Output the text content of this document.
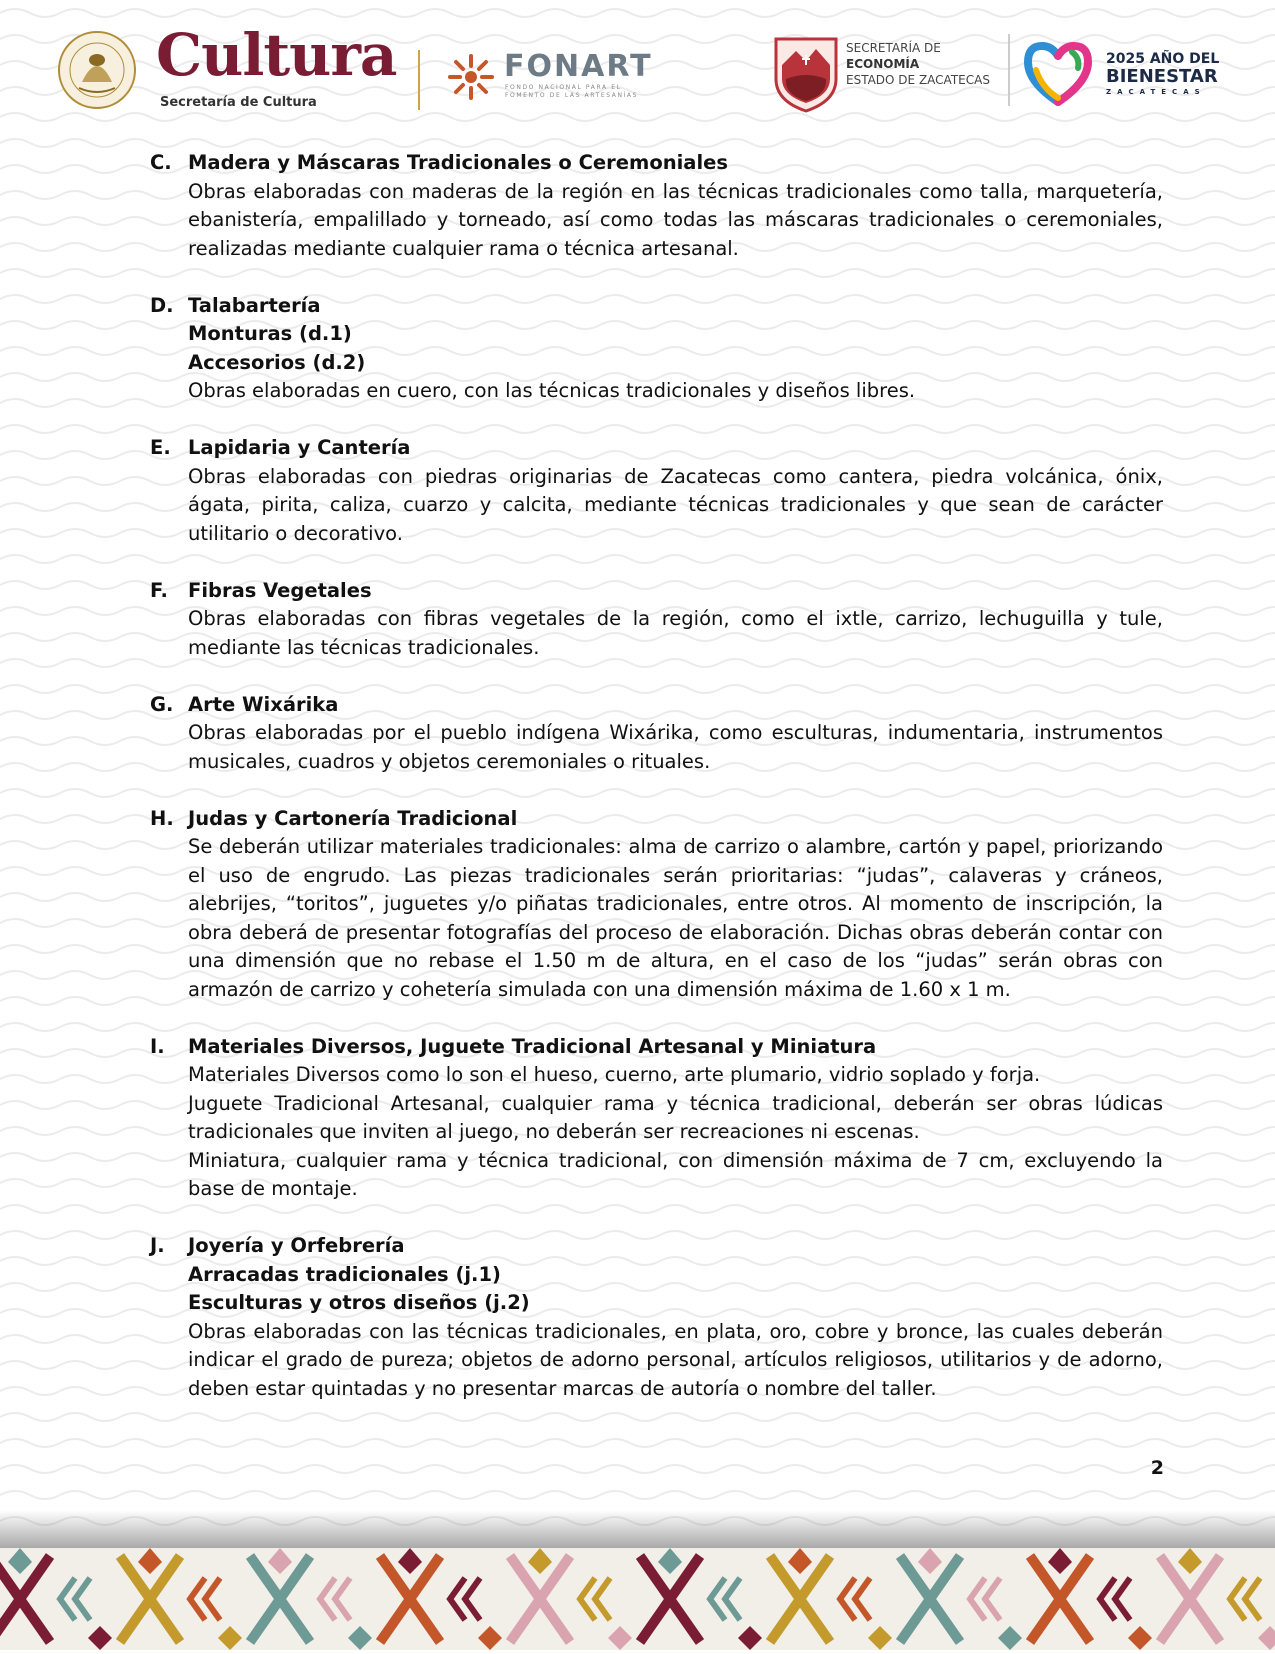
Cultura
Secretaría de Cultura
FONART
FONDO NACIONAL PARA EL FOMENTO DE LAS ARTESANÍAS
SECRETARÍA DE
ECONOMÍA
ESTADO DE ZACATECAS
2025 AÑO DEL
BIENESTAR
ZACATECAS
C. Madera y Máscaras Tradicionales o Ceremoniales
Obras elaboradas con maderas de la región en las técnicas tradicionales como talla, marquetería, ebanistería, empalillado y torneado, así como todas las máscaras tradicionales o ceremoniales, realizadas mediante cualquier rama o técnica artesanal.
D. Talabartería
Monturas (d.1)
Accesorios (d.2)
Obras elaboradas en cuero, con las técnicas tradicionales y diseños libres.
E. Lapidaria y Cantería
Obras elaboradas con piedras originarias de Zacatecas como cantera, piedra volcánica, ónix, ágata, pirita, caliza, cuarzo y calcita, mediante técnicas tradicionales y que sean de carácter utilitario o decorativo.
F.	Fibras Vegetales
Obras elaboradas con fibras vegetales de la región, como el ixtle, carrizo, lechuguilla y tule, mediante las técnicas tradicionales.
G. Arte Wixárika
Obras elaboradas por el pueblo indígena Wixárika, como esculturas, indumentaria, instrumentos musicales, cuadros y objetos ceremoniales o rituales.
H. Judas y Cartonería Tradicional
Se deberán utilizar materiales tradicionales: alma de carrizo o alambre, cartón y papel, priorizando el uso de engrudo. Las piezas tradicionales serán prioritarias: “judas”, calaveras y cráneos, alebrijes, “toritos”, juguetes y/o piñatas tradicionales, entre otros. Al momento de inscripción, la obra deberá de presentar fotografías del proceso de elaboración. Dichas obras deberán contar con una dimensión que no rebase el 1.50 m de altura, en el caso de los “judas” serán obras con armazón de carrizo y cohetería simulada con una dimensión máxima de 1.60 x 1 m.
I.	Materiales Diversos, Juguete Tradicional Artesanal y Miniatura
Materiales Diversos como lo son el hueso, cuerno, arte plumario, vidrio soplado y forja.
Juguete Tradicional Artesanal, cualquier rama y técnica tradicional, deberán ser obras lúdicas tradicionales que inviten al juego, no deberán ser recreaciones ni escenas.
Miniatura, cualquier rama y técnica tradicional, con dimensión máxima de 7 cm, excluyendo la base de montaje.
J.	Joyería y Orfebrería
Arracadas tradicionales (j.1)
Esculturas y otros diseños (j.2)
Obras elaboradas con las técnicas tradicionales, en plata, oro, cobre y bronce, las cuales deberán indicar el grado de pureza; objetos de adorno personal, artículos religiosos, utilitarios y de adorno, deben estar quintadas y no presentar marcas de autoría o nombre del taller.
2
